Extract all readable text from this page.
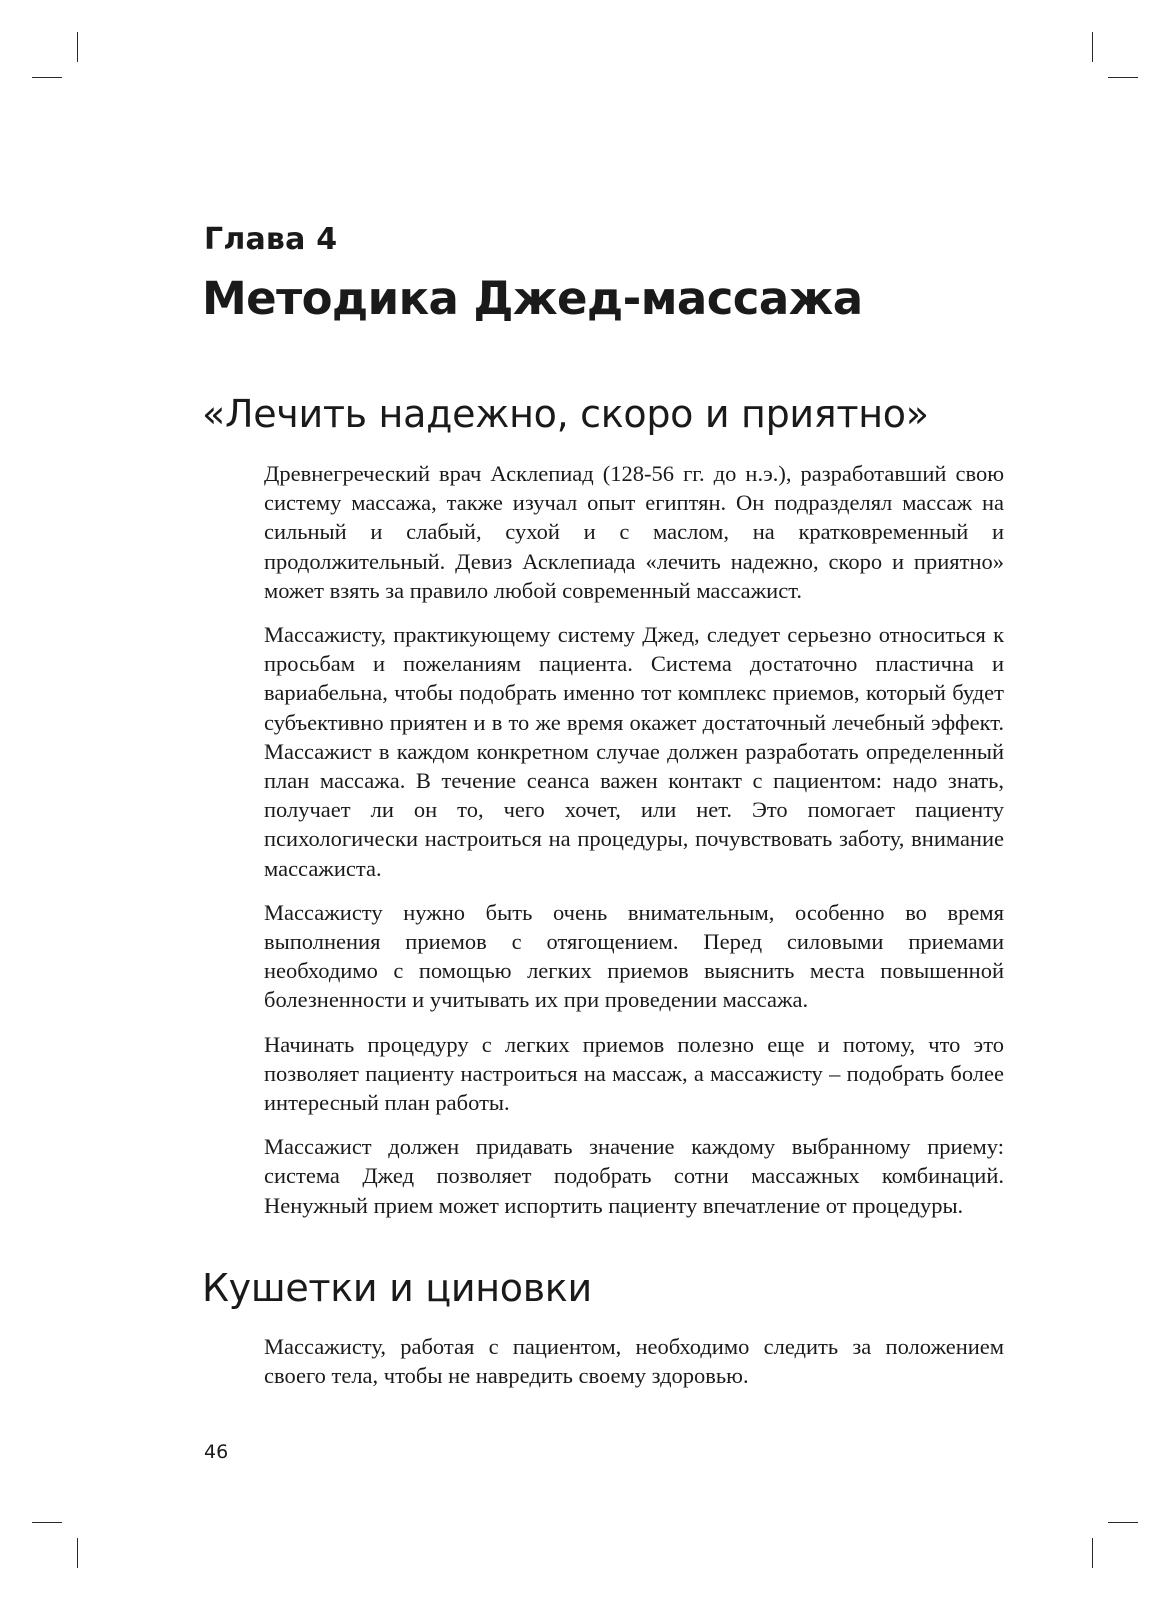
Глава 4
Методика Джед-массажа
«Лечить надежно, скоро и приятно»

Древнегреческий врач Асклепиад (128-56 гг. до н.э.), разработавший свою систему массажа, также изучал опыт египтян. Он подразделял массаж на сильный и слабый, сухой и с маслом, на кратковременный и продолжительный. Девиз Асклепиада «лечить надежно, скоро и приятно» может взять за правило любой современный массажист.

Массажисту, практикующему систему Джед, следует серьезно относиться к просьбам и пожеланиям пациента. Система достаточно пластична и вариабельна, чтобы подобрать именно тот комплекс приемов, который будет субъективно приятен и в то же время окажет достаточный лечебный эффект. Массажист в каждом конкретном случае должен разработать определенный план массажа. В течение сеанса важен контакт с пациентом: надо знать, получает ли он то, чего хочет, или нет. Это помогает пациенту психологически настроиться на процедуры, почувствовать заботу, внимание массажиста.

Массажисту нужно быть очень внимательным, особенно во время выполнения приемов с отягощением. Перед силовыми приемами необходимо с помощью легких приемов выяснить места повышенной болезненности и учитывать их при проведении массажа.

Начинать процедуру с легких приемов полезно еще и потому, что это позволяет пациенту настроиться на массаж, а массажисту – подобрать более интересный план работы.

Массажист должен придавать значение каждому выбранному приему: система Джед позволяет подобрать сотни массажных комбинаций. Ненужный прием может испортить пациенту впечатление от процедуры.

Кушетки и циновки

Массажисту, работая с пациентом, необходимо следить за положением своего тела, чтобы не навредить своему здоровью.

46
